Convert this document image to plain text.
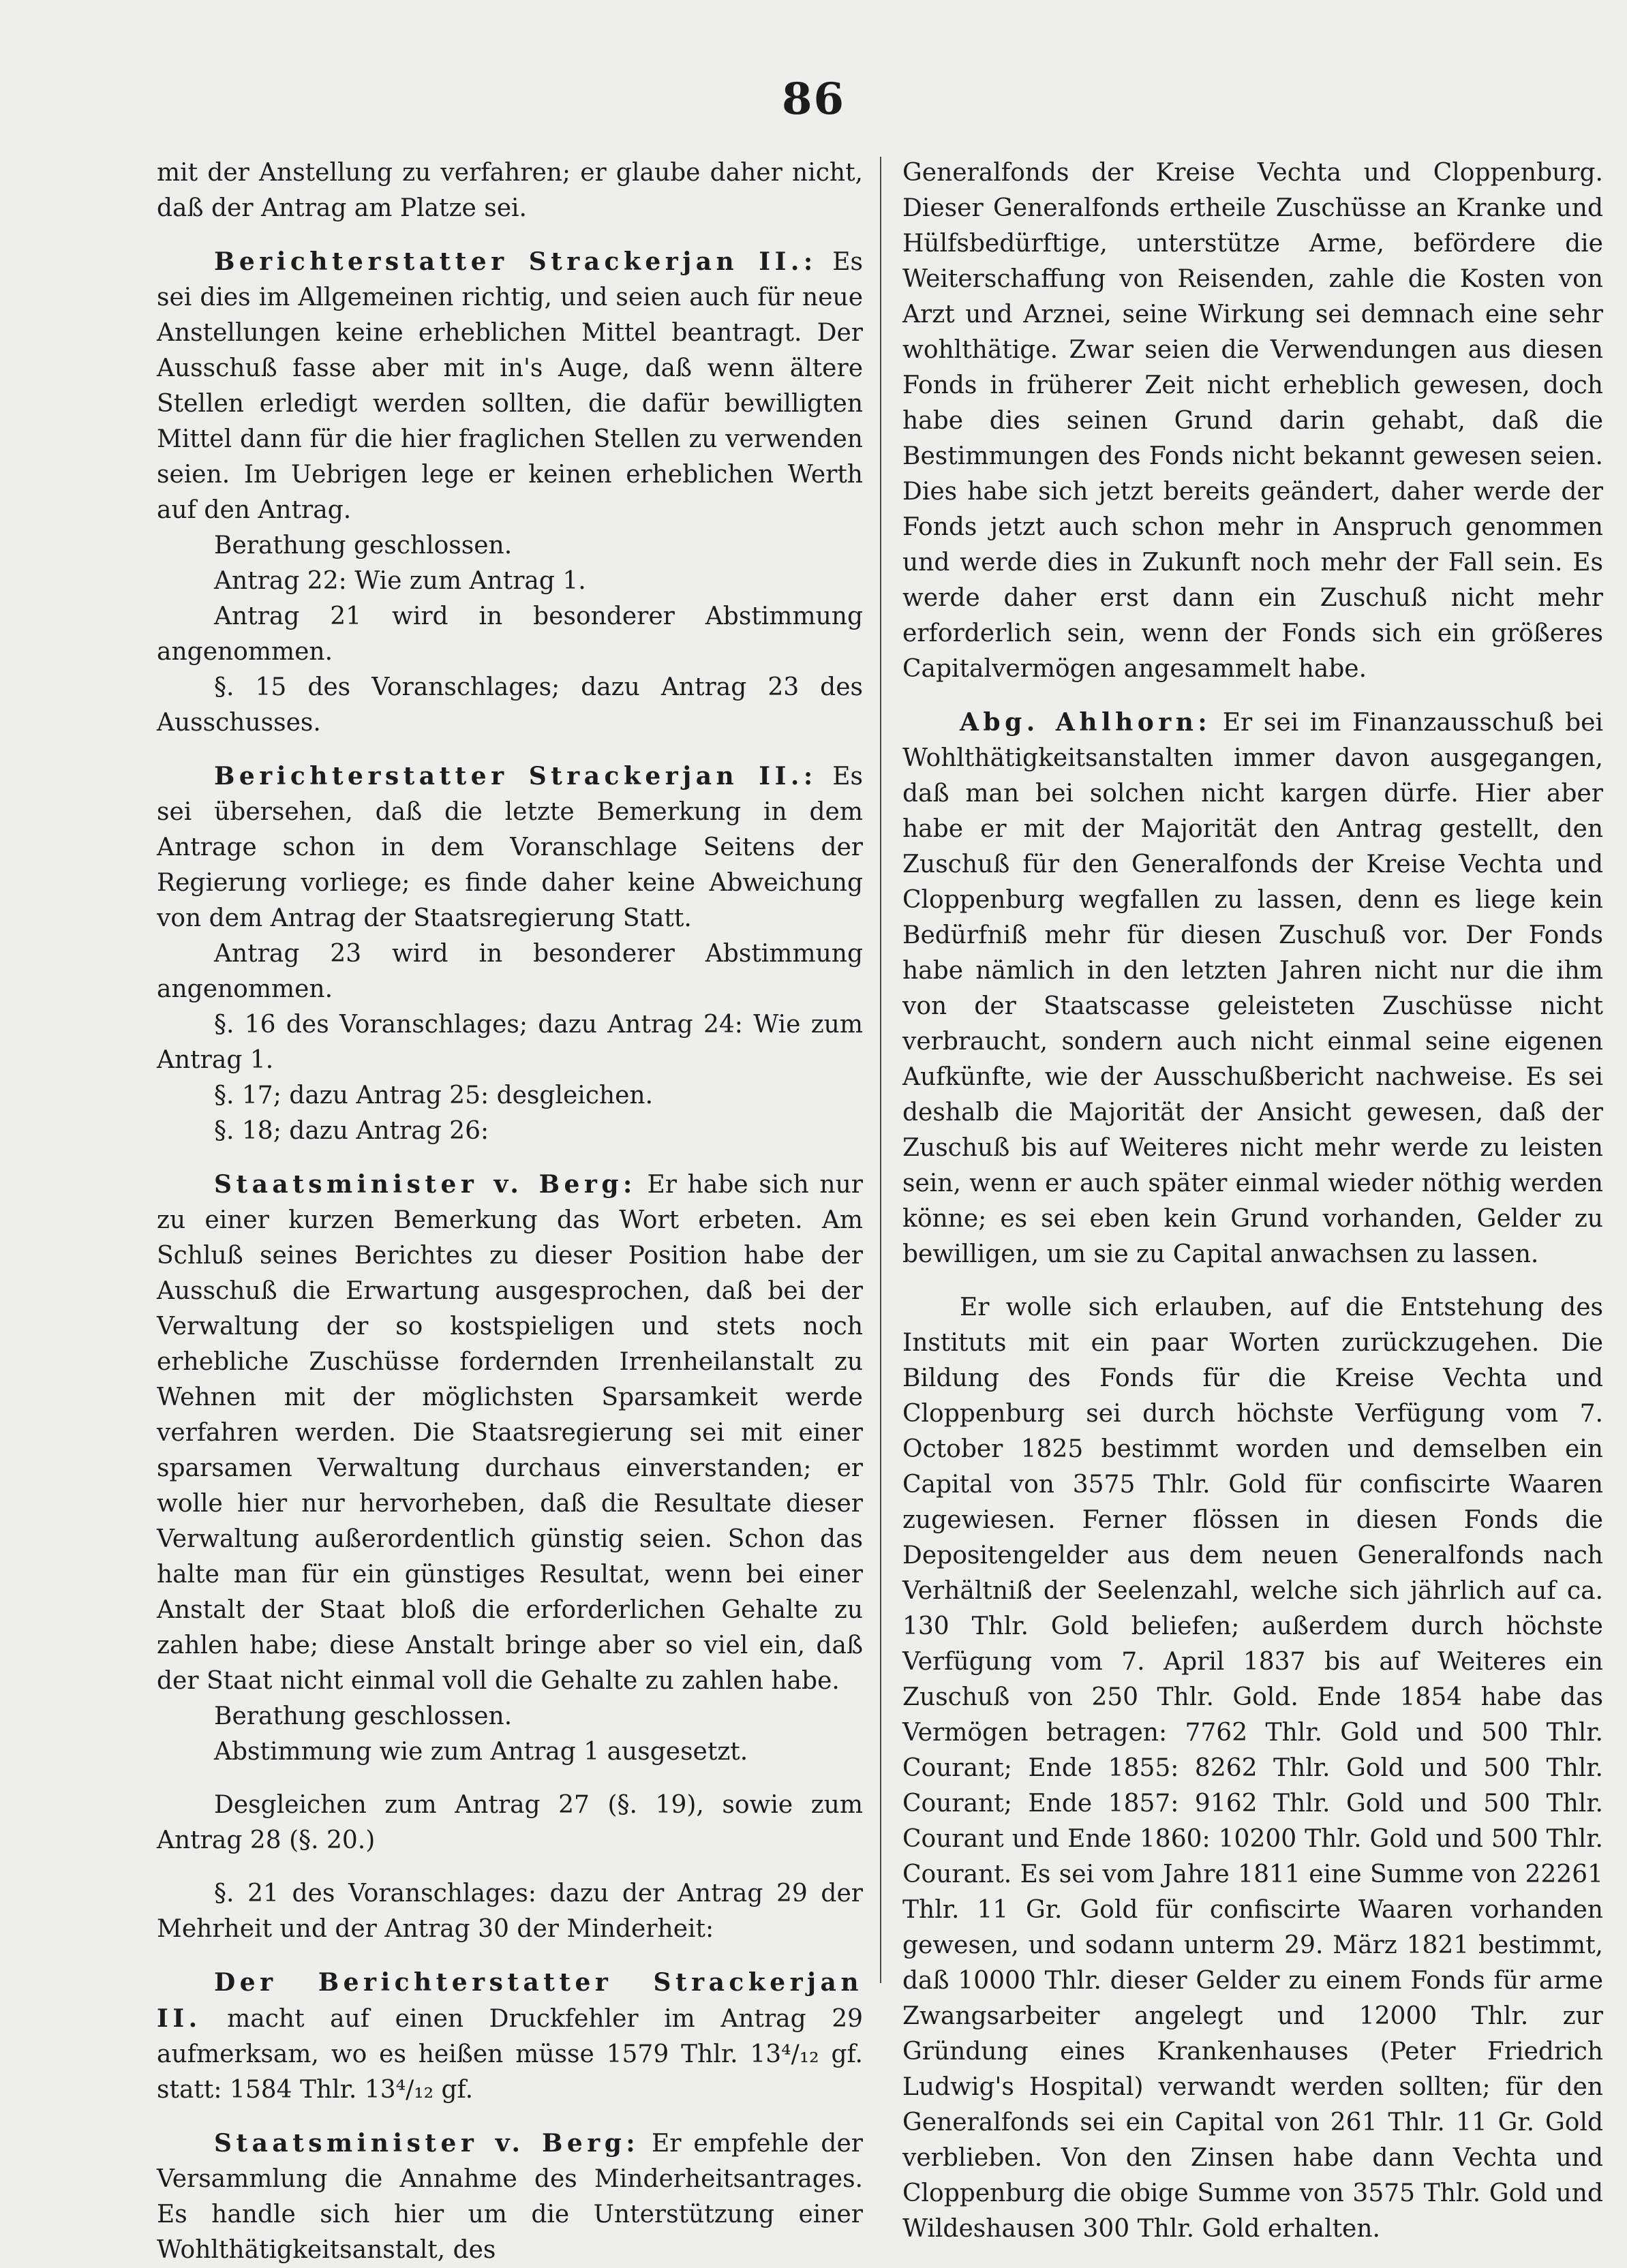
86

mit der Anstellung zu verfahren; er glaube daher nicht, daß der Antrag am Platze sei.

Berichterstatter Strackerjan II.: Es sei dies im Allgemeinen richtig, und seien auch für neue Anstellungen keine erheblichen Mittel beantragt. Der Ausschuß fasse aber mit in's Auge, daß wenn ältere Stellen erledigt werden sollten, die dafür bewilligten Mittel dann für die hier fraglichen Stellen zu verwenden seien. Im Uebrigen lege er keinen erheblichen Werth auf den Antrag.

Berathung geschlossen.

Antrag 22: Wie zum Antrag 1.

Antrag 21 wird in besonderer Abstimmung angenommen.

§. 15 des Voranschlages; dazu Antrag 23 des Ausschusses.

Berichterstatter Strackerjan II.: Es sei übersehen, daß die letzte Bemerkung in dem Antrage schon in dem Voranschlage Seitens der Regierung vorliege; es finde daher keine Abweichung von dem Antrag der Staatsregierung Statt.

Antrag 23 wird in besonderer Abstimmung angenommen.

§. 16 des Voranschlages; dazu Antrag 24: Wie zum Antrag 1.

§. 17; dazu Antrag 25: desgleichen.

§. 18; dazu Antrag 26:

Staatsminister v. Berg: Er habe sich nur zu einer kurzen Bemerkung das Wort erbeten. Am Schluß seines Berichtes zu dieser Position habe der Ausschuß die Erwartung ausgesprochen, daß bei der Verwaltung der so kostspieligen und stets noch erhebliche Zuschüsse fordernden Irrenheilanstalt zu Wehnen mit der möglichsten Sparsamkeit werde verfahren werden. Die Staatsregierung sei mit einer sparsamen Verwaltung durchaus einverstanden; er wolle hier nur hervorheben, daß die Resultate dieser Verwaltung außerordentlich günstig seien. Schon das halte man für ein günstiges Resultat, wenn bei einer Anstalt der Staat bloß die erforderlichen Gehalte zu zahlen habe; diese Anstalt bringe aber so viel ein, daß der Staat nicht einmal voll die Gehalte zu zahlen habe.

Berathung geschlossen.

Abstimmung wie zum Antrag 1 ausgesetzt.

Desgleichen zum Antrag 27 (§. 19), sowie zum Antrag 28 (§. 20.)

§. 21 des Voranschlages: dazu der Antrag 29 der Mehrheit und der Antrag 30 der Minderheit:

Der Berichterstatter Strackerjan II. macht auf einen Druckfehler im Antrag 29 aufmerksam, wo es heißen müsse 1579 Thlr. 13⁴/₁₂ gf. statt: 1584 Thlr. 13⁴/₁₂ gf.

Staatsminister v. Berg: Er empfehle der Versammlung die Annahme des Minderheitsantrages. Es handle sich hier um die Unterstützung einer Wohlthätigkeitsanstalt, des

Generalfonds der Kreise Vechta und Cloppenburg. Dieser Generalfonds ertheile Zuschüsse an Kranke und Hülfsbedürftige, unterstütze Arme, befördere die Weiterschaffung von Reisenden, zahle die Kosten von Arzt und Arznei, seine Wirkung sei demnach eine sehr wohlthätige. Zwar seien die Verwendungen aus diesen Fonds in früherer Zeit nicht erheblich gewesen, doch habe dies seinen Grund darin gehabt, daß die Bestimmungen des Fonds nicht bekannt gewesen seien. Dies habe sich jetzt bereits geändert, daher werde der Fonds jetzt auch schon mehr in Anspruch genommen und werde dies in Zukunft noch mehr der Fall sein. Es werde daher erst dann ein Zuschuß nicht mehr erforderlich sein, wenn der Fonds sich ein größeres Capitalvermögen angesammelt habe.

Abg. Ahlhorn: Er sei im Finanzausschuß bei Wohlthätigkeitsanstalten immer davon ausgegangen, daß man bei solchen nicht kargen dürfe. Hier aber habe er mit der Majorität den Antrag gestellt, den Zuschuß für den Generalfonds der Kreise Vechta und Cloppenburg wegfallen zu lassen, denn es liege kein Bedürfniß mehr für diesen Zuschuß vor. Der Fonds habe nämlich in den letzten Jahren nicht nur die ihm von der Staatscasse geleisteten Zuschüsse nicht verbraucht, sondern auch nicht einmal seine eigenen Aufkünfte, wie der Ausschußbericht nachweise. Es sei deshalb die Majorität der Ansicht gewesen, daß der Zuschuß bis auf Weiteres nicht mehr werde zu leisten sein, wenn er auch später einmal wieder nöthig werden könne; es sei eben kein Grund vorhanden, Gelder zu bewilligen, um sie zu Capital anwachsen zu lassen.

Er wolle sich erlauben, auf die Entstehung des Instituts mit ein paar Worten zurückzugehen. Die Bildung des Fonds für die Kreise Vechta und Cloppenburg sei durch höchste Verfügung vom 7. October 1825 bestimmt worden und demselben ein Capital von 3575 Thlr. Gold für confiscirte Waaren zugewiesen. Ferner flössen in diesen Fonds die Depositengelder aus dem neuen Generalfonds nach Verhältniß der Seelenzahl, welche sich jährlich auf ca. 130 Thlr. Gold beliefen; außerdem durch höchste Verfügung vom 7. April 1837 bis auf Weiteres ein Zuschuß von 250 Thlr. Gold. Ende 1854 habe das Vermögen betragen: 7762 Thlr. Gold und 500 Thlr. Courant; Ende 1855: 8262 Thlr. Gold und 500 Thlr. Courant; Ende 1857: 9162 Thlr. Gold und 500 Thlr. Courant und Ende 1860: 10200 Thlr. Gold und 500 Thlr. Courant. Es sei vom Jahre 1811 eine Summe von 22261 Thlr. 11 Gr. Gold für confiscirte Waaren vorhanden gewesen, und sodann unterm 29. März 1821 bestimmt, daß 10000 Thlr. dieser Gelder zu einem Fonds für arme Zwangsarbeiter angelegt und 12000 Thlr. zur Gründung eines Krankenhauses (Peter Friedrich Ludwig's Hospital) verwandt werden sollten; für den Generalfonds sei ein Capital von 261 Thlr. 11 Gr. Gold verblieben. Von den Zinsen habe dann Vechta und Cloppenburg die obige Summe von 3575 Thlr. Gold und Wildeshausen 300 Thlr. Gold erhalten.
